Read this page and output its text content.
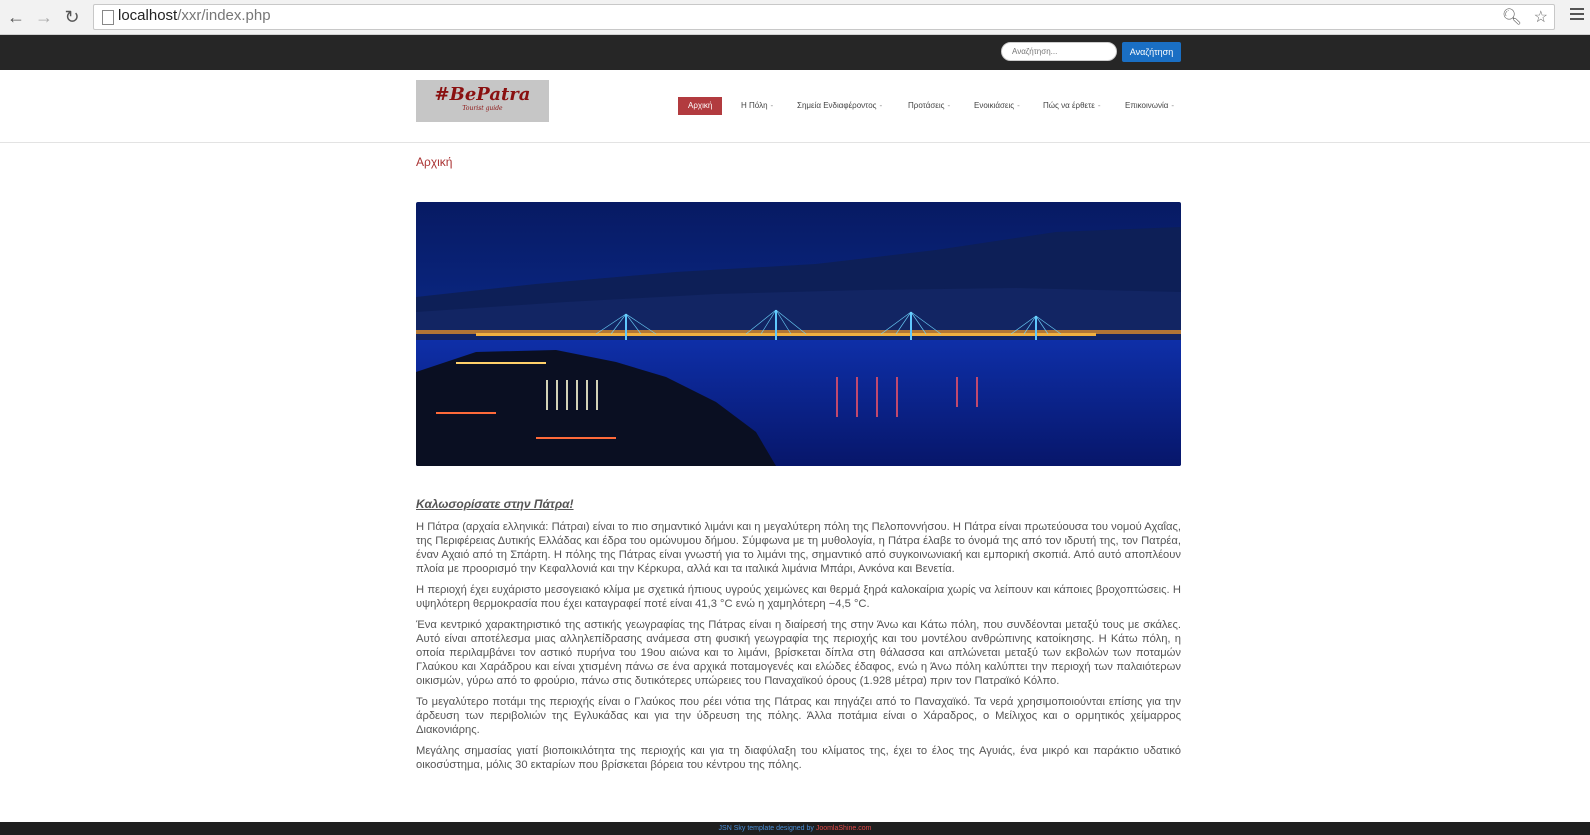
← → ↻	localhost/xxr/index.php	🔍︎ ☆
Αναζήτηση...
Αναζήτηση
#BePatra
Tourist guide	Αρχική	Η Πόλη -	Σημεία Ενδιαφέροντος -	Προτάσεις -	Ενοικιάσεις -	Πώς να έρθετε -	Επικοινωνία -
Αρχική
Καλωσορίσατε στην Πάτρα!

Η Πάτρα (αρχαία ελληνικά: Πάτραι) είναι το πιο σημαντικό λιμάνι και η μεγαλύτερη πόλη της Πελοποννήσου. Η Πάτρα είναι πρωτεύουσα του νομού Αχαΐας, της Περιφέρειας Δυτικής Ελλάδας και έδρα του ομώνυμου δήμου. Σύμφωνα με τη μυθολογία, η Πάτρα έλαβε το όνομά της από τον ιδρυτή της, τον Πατρέα, έναν Αχαιό από τη Σπάρτη. Η πόλης της Πάτρας είναι γνωστή για το λιμάνι της, σημαντικό από συγκοινωνιακή και εμπορική σκοπιά. Από αυτό αποπλέουν πλοία με προορισμό την Κεφαλλονιά και την Κέρκυρα, αλλά και τα ιταλικά λιμάνια Μπάρι, Ανκόνα και Βενετία.

Η περιοχή έχει ευχάριστο μεσογειακό κλίμα με σχετικά ήπιους υγρούς χειμώνες και θερμά ξηρά καλοκαίρια χωρίς να λείπουν και κάποιες βροχοπτώσεις. Η υψηλότερη θερμοκρασία που έχει καταγραφεί ποτέ είναι 41,3 °C ενώ η χαμηλότερη −4,5 °C.

Ένα κεντρικό χαρακτηριστικό της αστικής γεωγραφίας της Πάτρας είναι η διαίρεσή της στην Άνω και Κάτω πόλη, που συνδέονται μεταξύ τους με σκάλες. Αυτό είναι αποτέλεσμα μιας αλληλεπίδρασης ανάμεσα στη φυσική γεωγραφία της περιοχής και του μοντέλου ανθρώπινης κατοίκησης. Η Κάτω πόλη, η οποία περιλαμβάνει τον αστικό πυρήνα του 19ου αιώνα και το λιμάνι, βρίσκεται δίπλα στη θάλασσα και απλώνεται μεταξύ των εκβολών των ποταμών Γλαύκου και Χαράδρου και είναι χτισμένη πάνω σε ένα αρχικά ποταμογενές και ελώδες έδαφος, ενώ η Άνω πόλη καλύπτει την περιοχή των παλαιότερων οικισμών, γύρω από το φρούριο, πάνω στις δυτικότερες υπώρειες του Παναχαϊκού όρους (1.928 μέτρα) πριν τον Πατραϊκό Κόλπο.

Το μεγαλύτερο ποτάμι της περιοχής είναι ο Γλαύκος που ρέει νότια της Πάτρας και πηγάζει από το Παναχαϊκό. Τα νερά χρησιμοποιούνται επίσης για την άρδευση των περιβολιών της Εγλυκάδας και για την ύδρευση της πόλης. Άλλα ποτάμια είναι ο Χάραδρος, ο Μείλιχος και ο ορμητικός χείμαρρος Διακονιάρης.

Μεγάλης σημασίας γιατί βιοποικιλότητα της περιοχής και για τη διαφύλαξη του κλίματος της, έχει το έλος της Αγυιάς, ένα μικρό και παράκτιο υδατικό οικοσύστημα, μόλις 30 εκταρίων που βρίσκεται βόρεια του κέντρου της πόλης.

JSN Sky template designed by JoomlaShine.com
